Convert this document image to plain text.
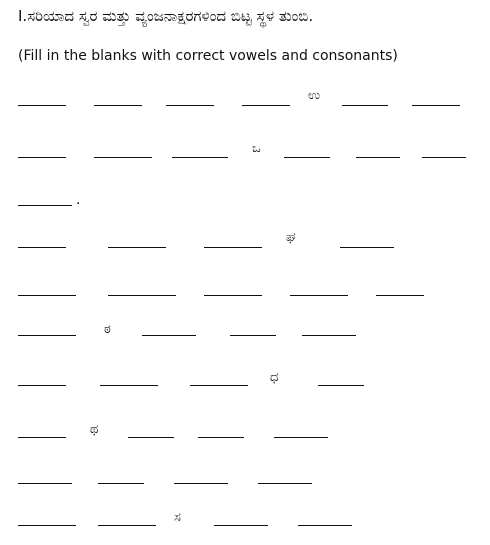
I.ಸರಿಯಾದ ಸ್ವರ ಮತ್ತು ವ್ಯಂಜನಾಕ್ಷರಗಳಿಂದ ಬಿಟ್ಟ ಸ್ಥಳ ತುಂಬಿ.
(Fill in the blanks with correct vowels and consonants)
ಉ
ಒ
.
ಘ
ಠ
ಧ
ಥ
ಸ
